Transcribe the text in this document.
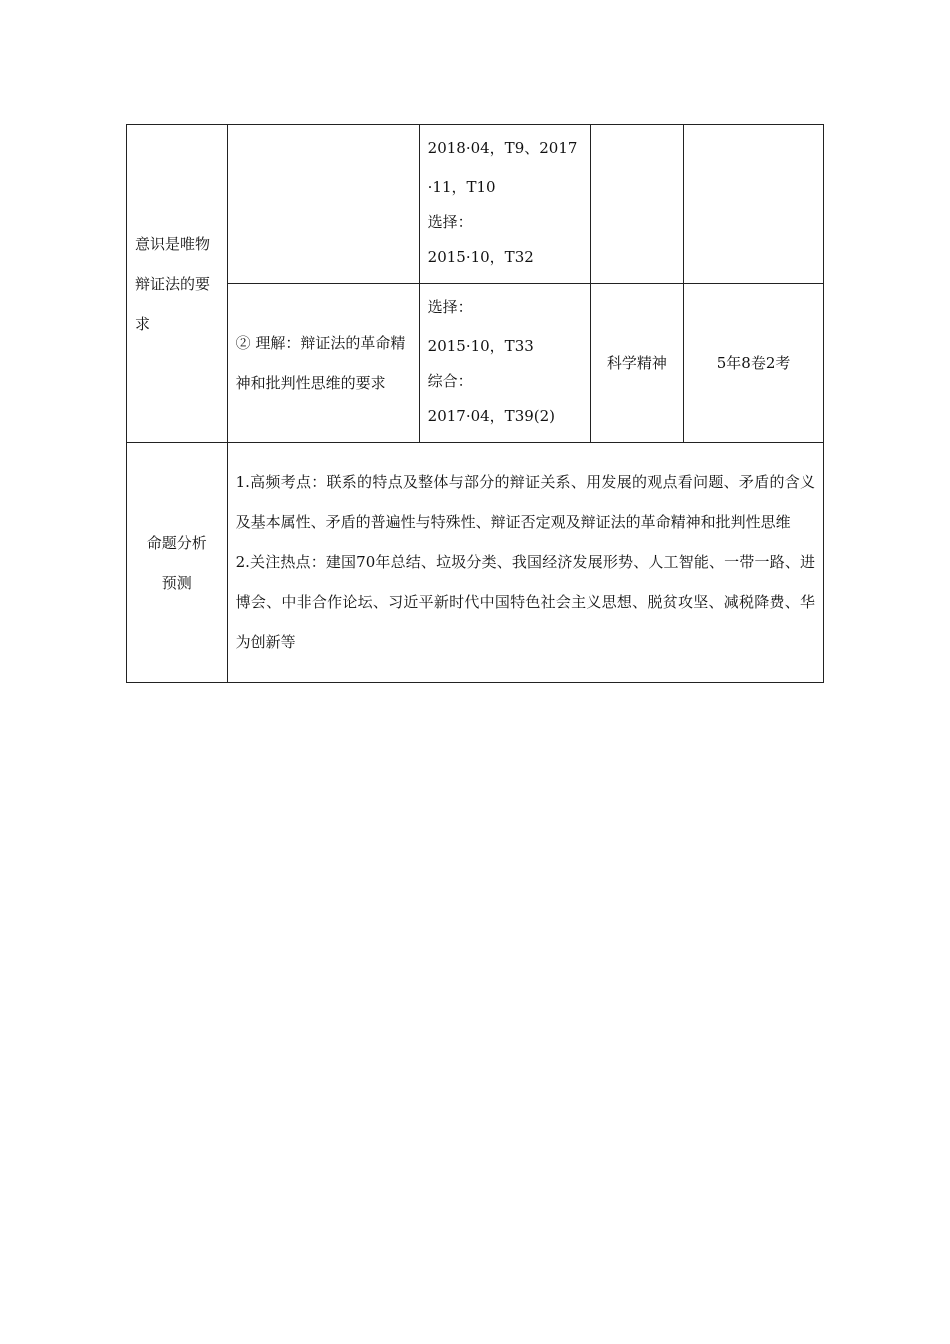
意识是唯物辩证法的要求		2018·04，T9、2017
·11，T10
选择：
2015·10，T32		

	② 理解：辩证法的革命精神和批判性思维的要求	选择：
2015·10，T33
综合：
2017·04，T39(2)	科学精神	5年8卷2考
命题分析预测	1.高频考点：联系的特点及整体与部分的辩证关系、用发展的观点看问题、矛盾的含义及基本属性、矛盾的普遍性与特殊性、辩证否定观及辩证法的革命精神和批判性思维
2.关注热点：建国70年总结、垃圾分类、我国经济发展形势、人工智能、一带一路、进博会、中非合作论坛、习近平新时代中国特色社会主义思想、脱贫攻坚、减税降费、华为创新等			
